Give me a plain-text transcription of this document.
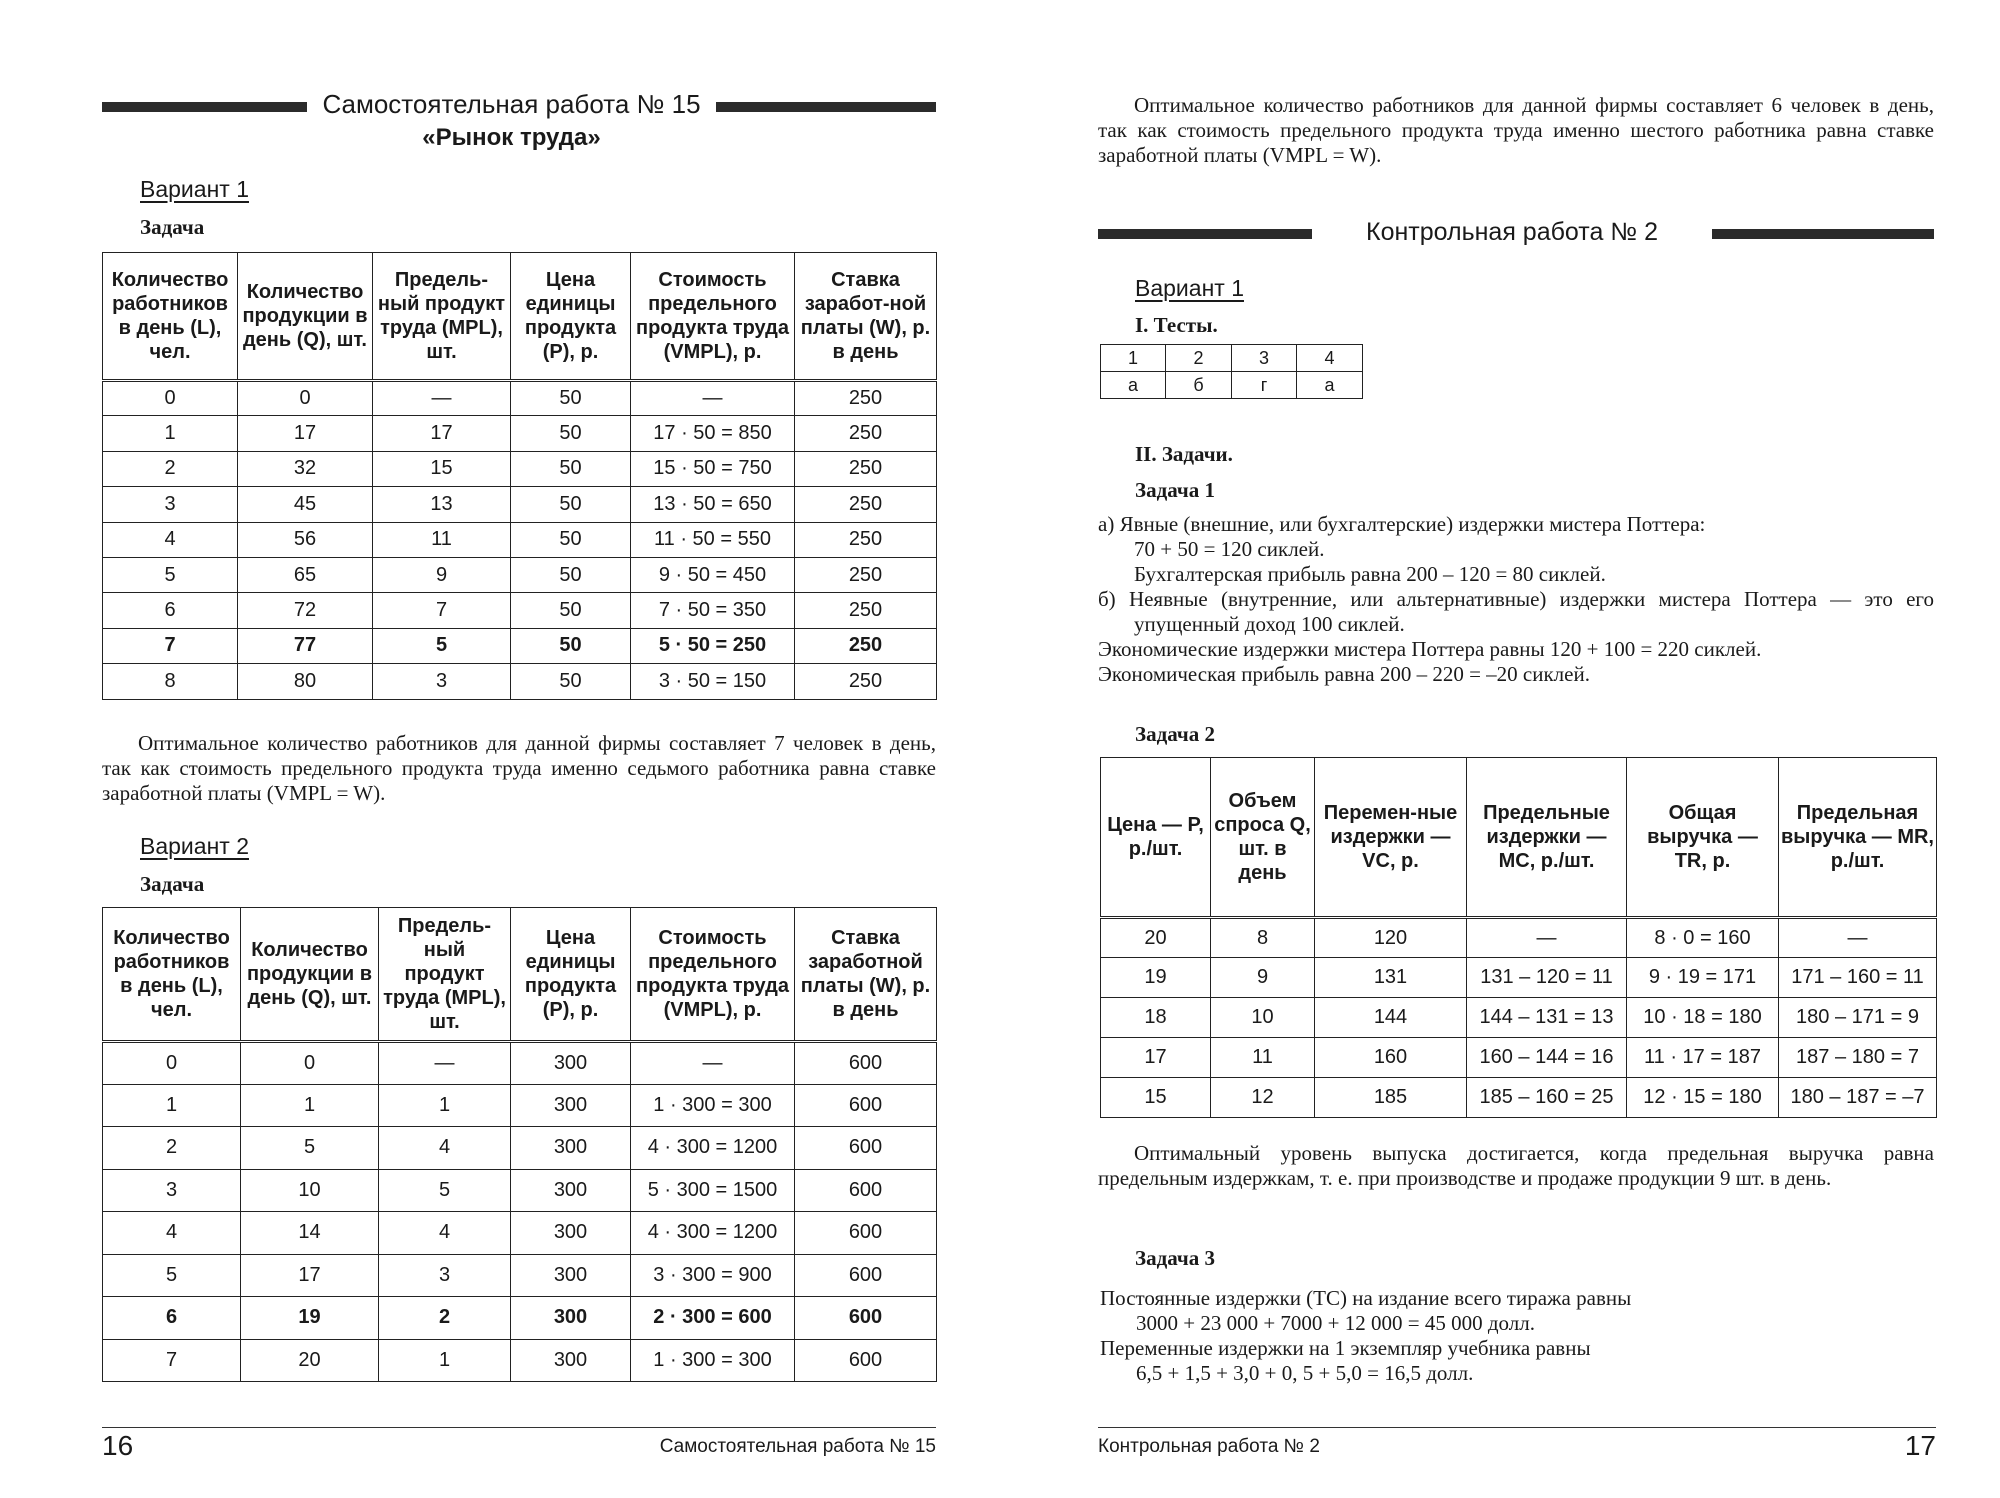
Самостоятельная работа № 15
«Рынок труда»
Вариант 1
Задача
Количество работников в день (L), чел.	Количество продукции в день (Q), шт.	Предель-ный продукт труда (MPL), шт.	Цена единицы продукта (P), р.	Стоимость предельного продукта труда (VMPL), р.	Ставка заработ-ной платы (W), р. в день
0	0	—	50	—	250
1	17	17	50	17 · 50 = 850	250
2	32	15	50	15 · 50 = 750	250
3	45	13	50	13 · 50 = 650	250
4	56	11	50	11 · 50 = 550	250
5	65	9	50	9 · 50 = 450	250
6	72	7	50	7 · 50 = 350	250
7	77	5	50	5 · 50 = 250	250
8	80	3	50	3 · 50 = 150	250

Оптимальное количество работников для данной фирмы составляет 7 человек в день, так как стоимость предельного продукта труда именно седьмого работника равна ставке заработной платы (VMPL = W).

Вариант 2
Задача
Количество работников в день (L), чел.	Количество продукции в день (Q), шт.	Предель-ный продукт труда (MPL), шт.	Цена единицы продукта (P), р.	Стоимость предельного продукта труда (VMPL), р.	Ставка заработной платы (W), р. в день
0	0	—	300	—	600
1	1	1	300	1 · 300 = 300	600
2	5	4	300	4 · 300 = 1200	600
3	10	5	300	5 · 300 = 1500	600
4	14	4	300	4 · 300 = 1200	600
5	17	3	300	3 · 300 = 900	600
6	19	2	300	2 · 300 = 600	600
7	20	1	300	1 · 300 = 300	600
16	Самостоятельная работа № 15

Оптимальное количество работников для данной фирмы составляет 6 человек в день, так как стоимость предельного продукта труда именно шестого работника равна ставке заработной платы (VMPL = W).

Контрольная работа № 2
Вариант 1
I. Тесты.
1	2	3	4
а	б	г	а
II. Задачи.
Задача 1

а) Явные (внешние, или бухгалтерские) издержки мистера Поттера:

70 + 50 = 120 сиклей.

Бухгалтерская прибыль равна 200 – 120 = 80 сиклей.

б) Неявные (внутренние, или альтернативные) издержки мистера Поттера — это его упущенный доход 100 сиклей.

Экономические издержки мистера Поттера равны 120 + 100 = 220 сиклей.

Экономическая прибыль равна 200 – 220 = –20 сиклей.

Задача 2
Цена — P, р./шт.	Объем спроса Q, шт. в день	Перемен-ные издержки — VC, р.	Предельные издержки — MC, р./шт.	Общая выручка — TR, р.	Предельная выручка — MR, р./шт.
20	8	120	—	8 · 0 = 160	—
19	9	131	131 – 120 = 11	9 · 19 = 171	171 – 160 = 11
18	10	144	144 – 131 = 13	10 · 18 = 180	180 – 171 = 9
17	11	160	160 – 144 = 16	11 · 17 = 187	187 – 180 = 7
15	12	185	185 – 160 = 25	12 · 15 = 180	180 – 187 = –7

Оптимальный уровень выпуска достигается, когда предельная выручка равна предельным издержкам, т. е. при производстве и продаже продукции 9 шт. в день.

Задача 3

Постоянные издержки (TC) на издание всего тиража равны

3000 + 23 000 + 7000 + 12 000 = 45 000 долл.

Переменные издержки на 1 экземпляр учебника равны

6,5 + 1,5 + 3,0 + 0, 5 + 5,0 = 16,5 долл.

Контрольная работа № 2	17
